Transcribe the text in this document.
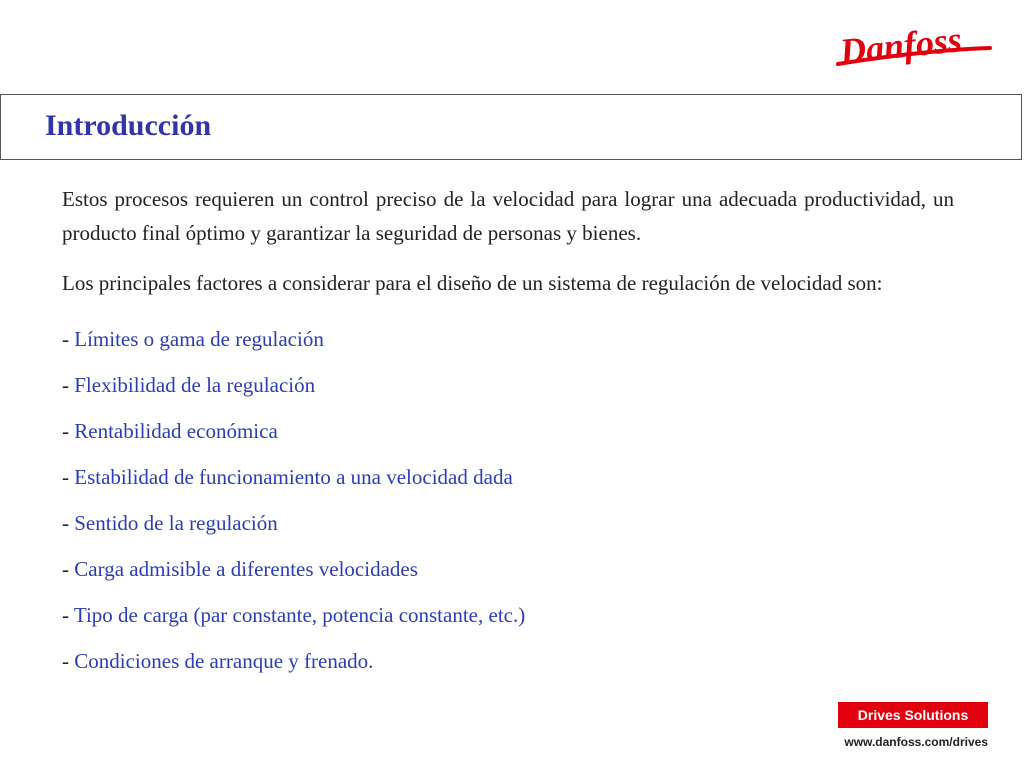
Danfoss
Introducción

Estos procesos requieren un control preciso de la velocidad para lograr una adecuada productividad, un producto final óptimo y garantizar la seguridad de personas y bienes.

Los principales factores a considerar para el diseño de un sistema de regulación de velocidad son:

- Límites o gama de regulación
- Flexibilidad de la regulación
- Rentabilidad económica
- Estabilidad de funcionamiento a una velocidad dada
- Sentido de la regulación
- Carga admisible a diferentes velocidades
- Tipo de carga (par constante, potencia constante, etc.)
- Condiciones de arranque y frenado.
Drives Solutions
www.danfoss.com/drives
